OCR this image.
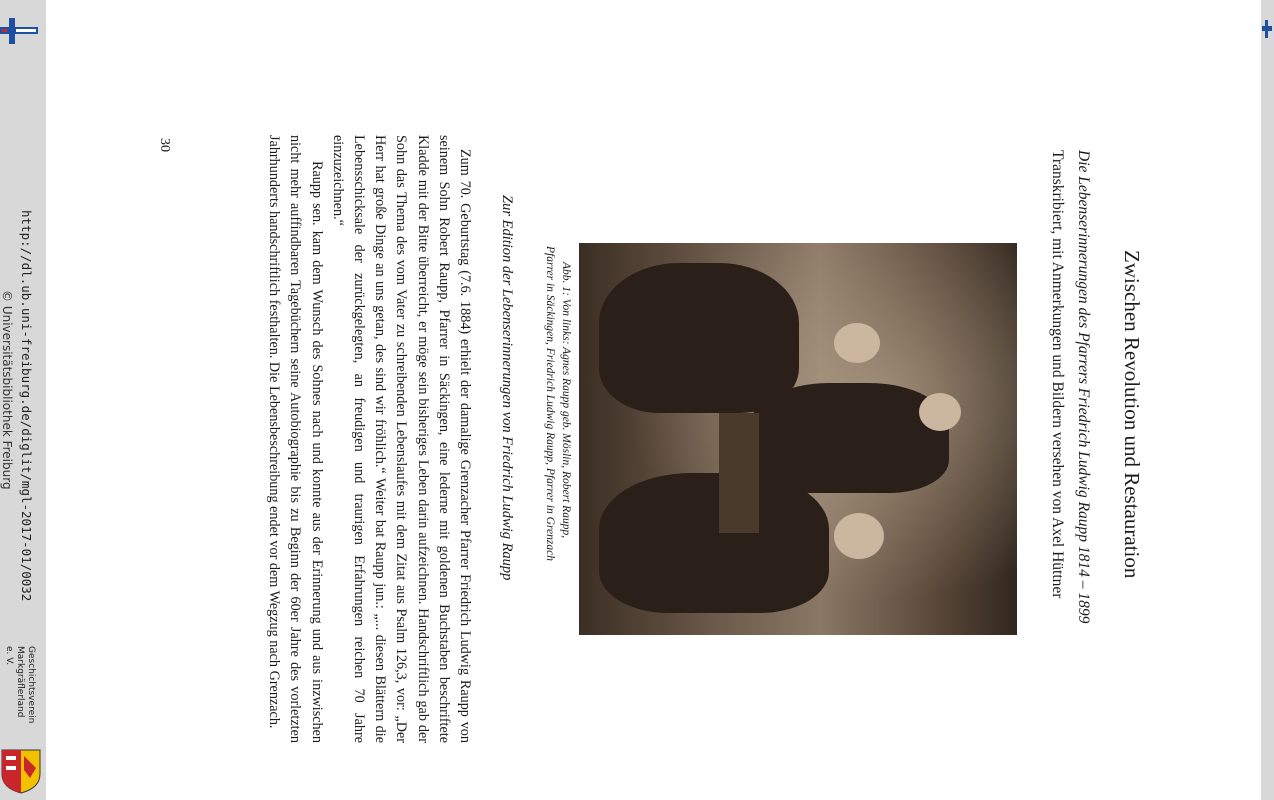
Zwischen Revolution und Restauration
Die Lebenserinnerungen des Pfarrers Friedrich Ludwig Raupp 1814 – 1899
Transkribiert, mit Anmerkungen und Bildern versehen von Axel Hüttner
Abb. 1: Von links: Agnes Raupp geb. Möslin, Robert Raupp,
Pfarrer in Säckingen, Friedrich Ludwig Raupp, Pfarrer in Grenzach
Zur Edition der Lebenserinnerungen von Friedrich Ludwig Raupp

Zum 70. Geburtstag (7.6. 1884) erhielt der damalige Grenzacher Pfarrer Friedrich Ludwig Raupp von seinem Sohn Robert Raupp, Pfarrer in Säckingen, eine lederne mit goldenen Buchstaben beschriftete Kladde mit der Bitte überreicht, er möge sein bisheriges Leben darin aufzeichnen. Handschriftlich gab der Sohn das Thema des vom Vater zu schreibenden Lebenslaufes mit dem Zitat aus Psalm 126,3, vor: „Der Herr hat große Dinge an uns getan, des sind wir fröhlich.“ Weiter bat Raupp jun.: „... diesen Blättern die Lebensschicksale der zurückgelegten, an freudigen und traurigen Erfahrungen reichen 70 Jahre einzuzeichnen.“

Raupp sen. kam dem Wunsch des Sohnes nach und konnte aus der Erinnerung und aus inzwischen nicht mehr auffindbaren Tagebüchern seine Autobiographie bis zu Beginn der 60er Jahre des vorletzten Jahrhunderts handschriftlich festhalten. Die Lebensbeschreibung endet vor dem Wegzug nach Grenzach.

30
http://dl.ub.uni-freiburg.de/diglit/mgl-2017-01/0032
© Universitätsbibliothek Freiburg
Geschichtsverein Markgräflerland e. V.
